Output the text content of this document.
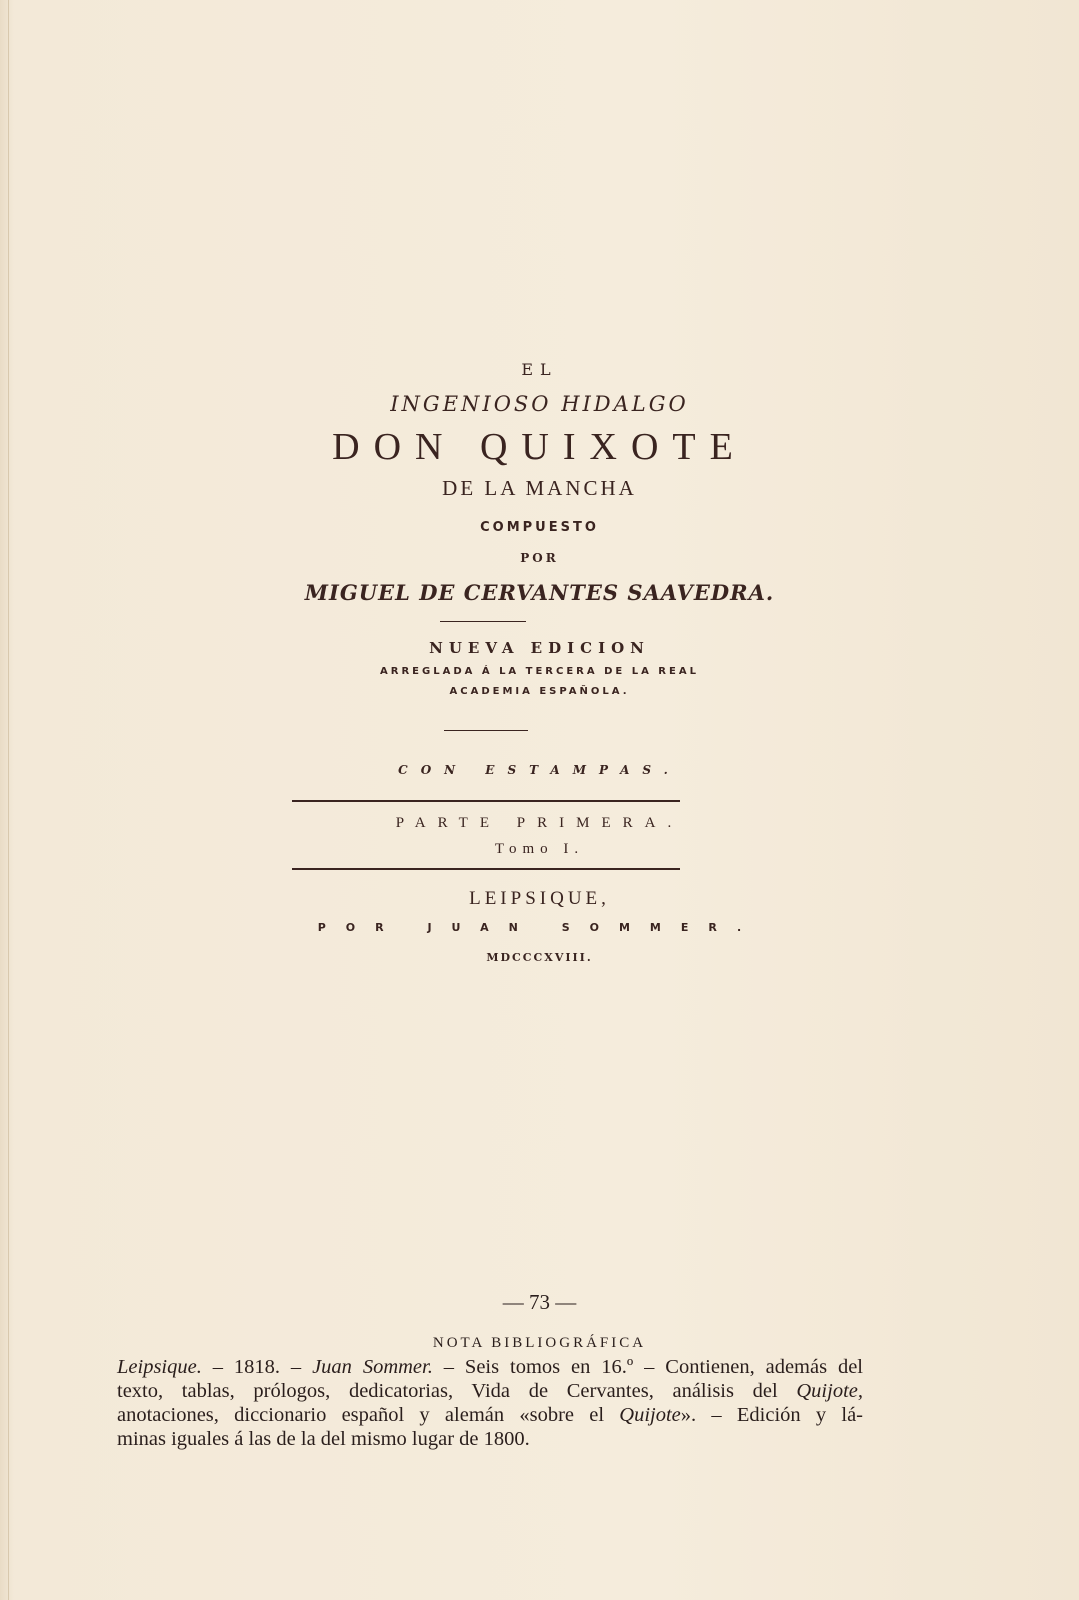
EL
INGENIOSO HIDALGO
DON QUIXOTE
DE LA MANCHA
COMPUESTO
POR
MIGUEL DE CERVANTES SAAVEDRA.
NUEVA EDICION
ARREGLADA Á LA TERCERA DE LA REAL
ACADEMIA ESPAÑOLA.
CON ESTAMPAS.
PARTE PRIMERA.
Tomo I.
LEIPSIQUE,
POR JUAN SOMMER.
MDCCCXVIII.
— 73 —
NOTA BIBLIOGRÁFICA
Leipsique. – 1818. – Juan Sommer. – Seis tomos en 16.º – Contienen, además del
texto, tablas, prólogos, dedicatorias, Vida de Cervantes, análisis del Quijote,
anotaciones, diccionario español y alemán «sobre el Quijote». – Edición y lá-
minas iguales á las de la del mismo lugar de 1800.
